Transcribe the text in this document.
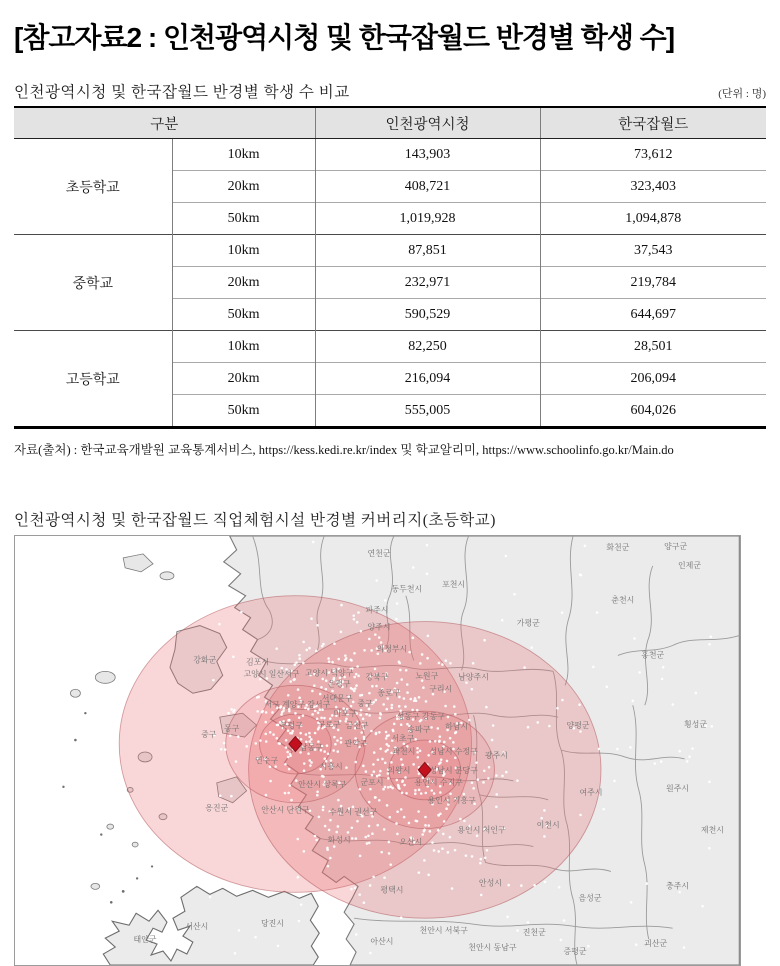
[참고자료2 : 인천광역시청 및 한국잡월드 반경별 학생 수]
인천광역시청 및 한국잡월드 반경별 학생 수 비교	(단위 : 명)
구분		인천광역시청	한국잡월드
초등학교	10km	143,903	73,612
	20km	408,721	323,403
	50km	1,019,928	1,094,878
중학교	10km	87,851	37,543
	20km	232,971	219,784
	50km	590,529	644,697
고등학교	10km	82,250	28,501
	20km	216,094	206,094
	50km	555,005	604,026
자료(출처) : 한국교육개발원 교육통계서비스, https://kess.kedi.re.kr/index 및 학교알리미, https://www.schoolinfo.go.kr/Main.do
인천광역시청 및 한국잡월드 직업체험시설 반경별 커버리지(초등학교)
연천군
화천군	양구군
인제군
포천시
동두천시
춘천시
가평군
홍천군
횡성군
원주시
제천시
여주시
이천시
양평군
충주시
괴산군
음성군
진천군
증평군
천안시 서북구
천안시 동남구
아산시
당진시
서산시
태안군
평택시
파주시
양주시
의정부시
강화군	김포시
고양시 일산서구 고양시 덕양구 강북구	노원구 남양주시
은평구
종로구	구리시
서대문구
중구
서구 계양구 강서구
마포구	성동구 강동구
송파구 하남시
동구
중구
부평구 구로구 금천구
관악구
서초구
남동구
연수구
시흥시
과천시 성남시 수정구 광주시
의왕시 성남시 분당구
용인시 수지구
군포시
안산시 상록구
용인시 기흥구
안산시 단원구 수원시 권선구
옹진군
화성시	오산시
용인시 처인구
안성시
